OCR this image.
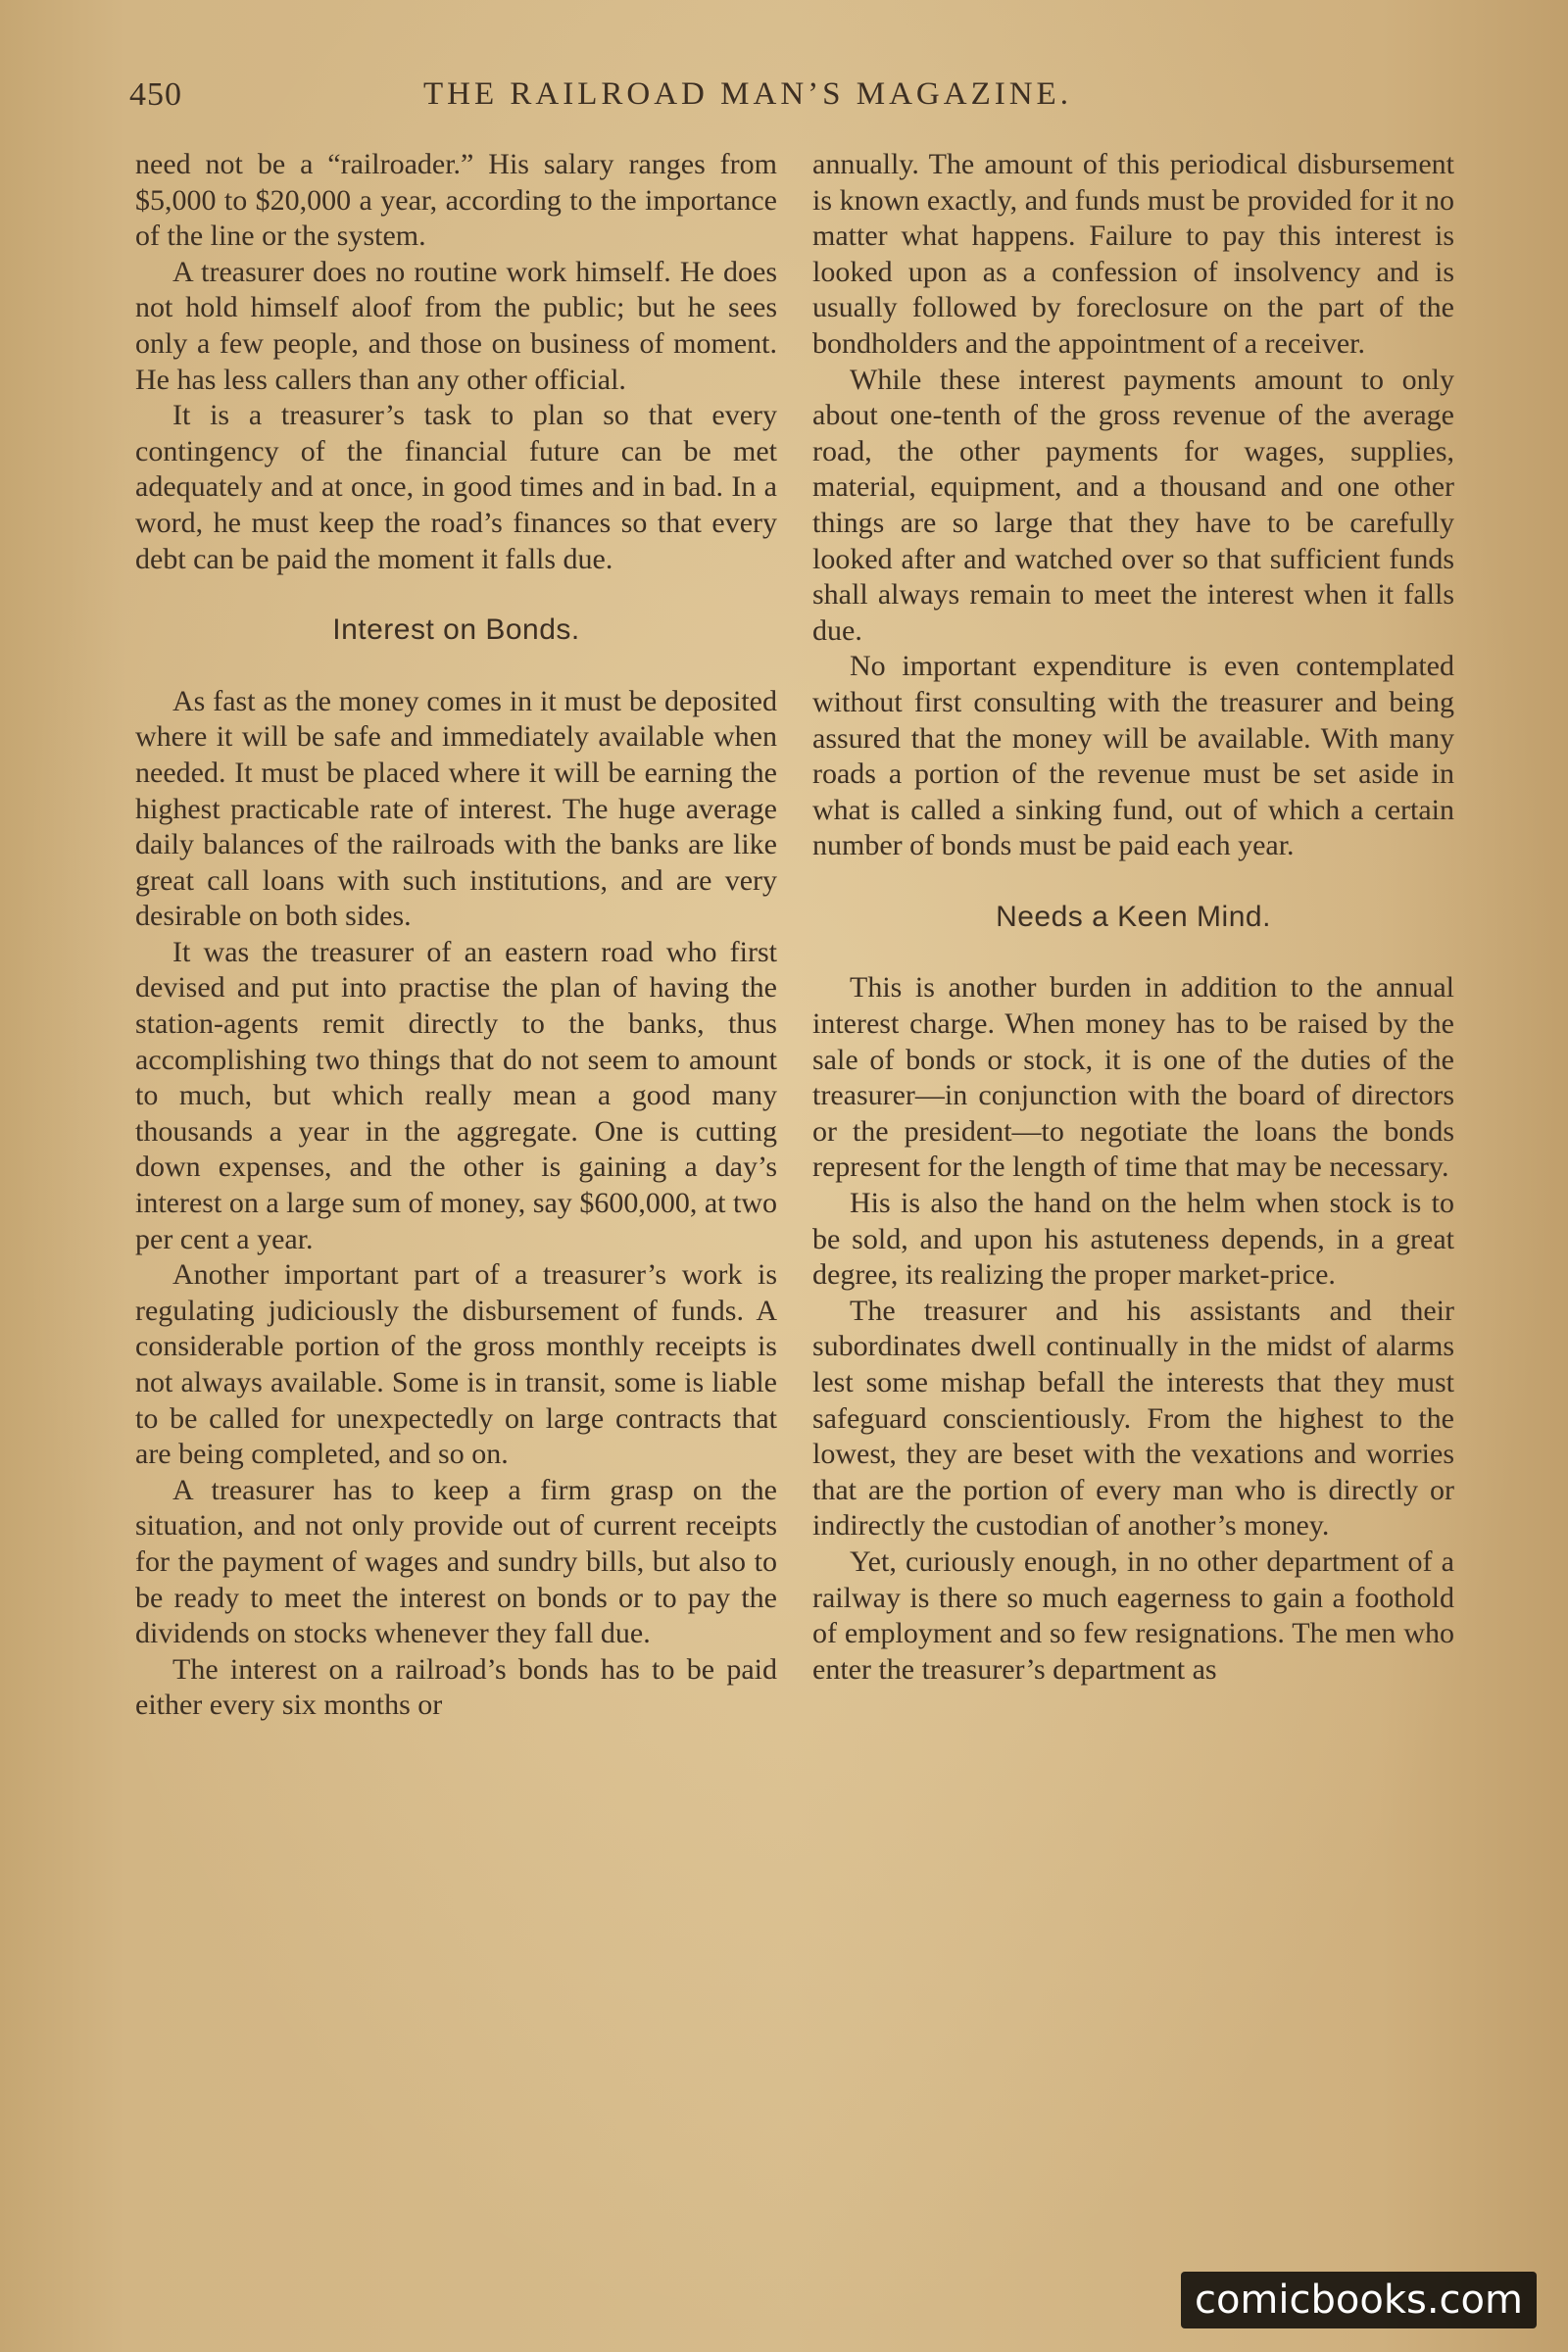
450	THE RAILROAD MAN’S MAGAZINE.

need not be a “railroader.” His salary ranges from $5,000 to $20,000 a year, according to the importance of the line or the system.

A treasurer does no routine work himself. He does not hold himself aloof from the public; but he sees only a few people, and those on business of moment. He has less callers than any other official.

It is a treasurer’s task to plan so that every contingency of the financial future can be met adequately and at once, in good times and in bad. In a word, he must keep the road’s finances so that every debt can be paid the moment it falls due.

Interest on Bonds.

As fast as the money comes in it must be deposited where it will be safe and immediately available when needed. It must be placed where it will be earning the highest practicable rate of interest. The huge average daily balances of the railroads with the banks are like great call loans with such institutions, and are very desirable on both sides.

It was the treasurer of an eastern road who first devised and put into practise the plan of having the station-agents remit directly to the banks, thus accomplishing two things that do not seem to amount to much, but which really mean a good many thousands a year in the aggregate. One is cutting down expenses, and the other is gaining a day’s interest on a large sum of money, say $600,000, at two per cent a year.

Another important part of a treasurer’s work is regulating judiciously the disbursement of funds. A considerable portion of the gross monthly receipts is not always available. Some is in transit, some is liable to be called for unexpectedly on large contracts that are being completed, and so on.

A treasurer has to keep a firm grasp on the situation, and not only provide out of current receipts for the payment of wages and sundry bills, but also to be ready to meet the interest on bonds or to pay the dividends on stocks whenever they fall due.

The interest on a railroad’s bonds has to be paid either every six months or

annually. The amount of this periodical disbursement is known exactly, and funds must be provided for it no matter what happens. Failure to pay this interest is looked upon as a confession of insolvency and is usually followed by foreclosure on the part of the bondholders and the appointment of a receiver.

While these interest payments amount to only about one-tenth of the gross revenue of the average road, the other payments for wages, supplies, material, equipment, and a thousand and one other things are so large that they have to be carefully looked after and watched over so that sufficient funds shall always remain to meet the interest when it falls due.

No important expenditure is even contemplated without first consulting with the treasurer and being assured that the money will be available. With many roads a portion of the revenue must be set aside in what is called a sinking fund, out of which a certain number of bonds must be paid each year.

Needs a Keen Mind.

This is another burden in addition to the annual interest charge. When money has to be raised by the sale of bonds or stock, it is one of the duties of the treasurer—in conjunction with the board of directors or the president—to negotiate the loans the bonds represent for the length of time that may be necessary.

His is also the hand on the helm when stock is to be sold, and upon his astuteness depends, in a great degree, its realizing the proper market-price.

The treasurer and his assistants and their subordinates dwell continually in the midst of alarms lest some mishap befall the interests that they must safeguard conscientiously. From the highest to the lowest, they are beset with the vexations and worries that are the portion of every man who is directly or indirectly the custodian of another’s money.

Yet, curiously enough, in no other department of a railway is there so much eagerness to gain a foothold of employment and so few resignations. The men who enter the treasurer’s department as

comicbooks.com
